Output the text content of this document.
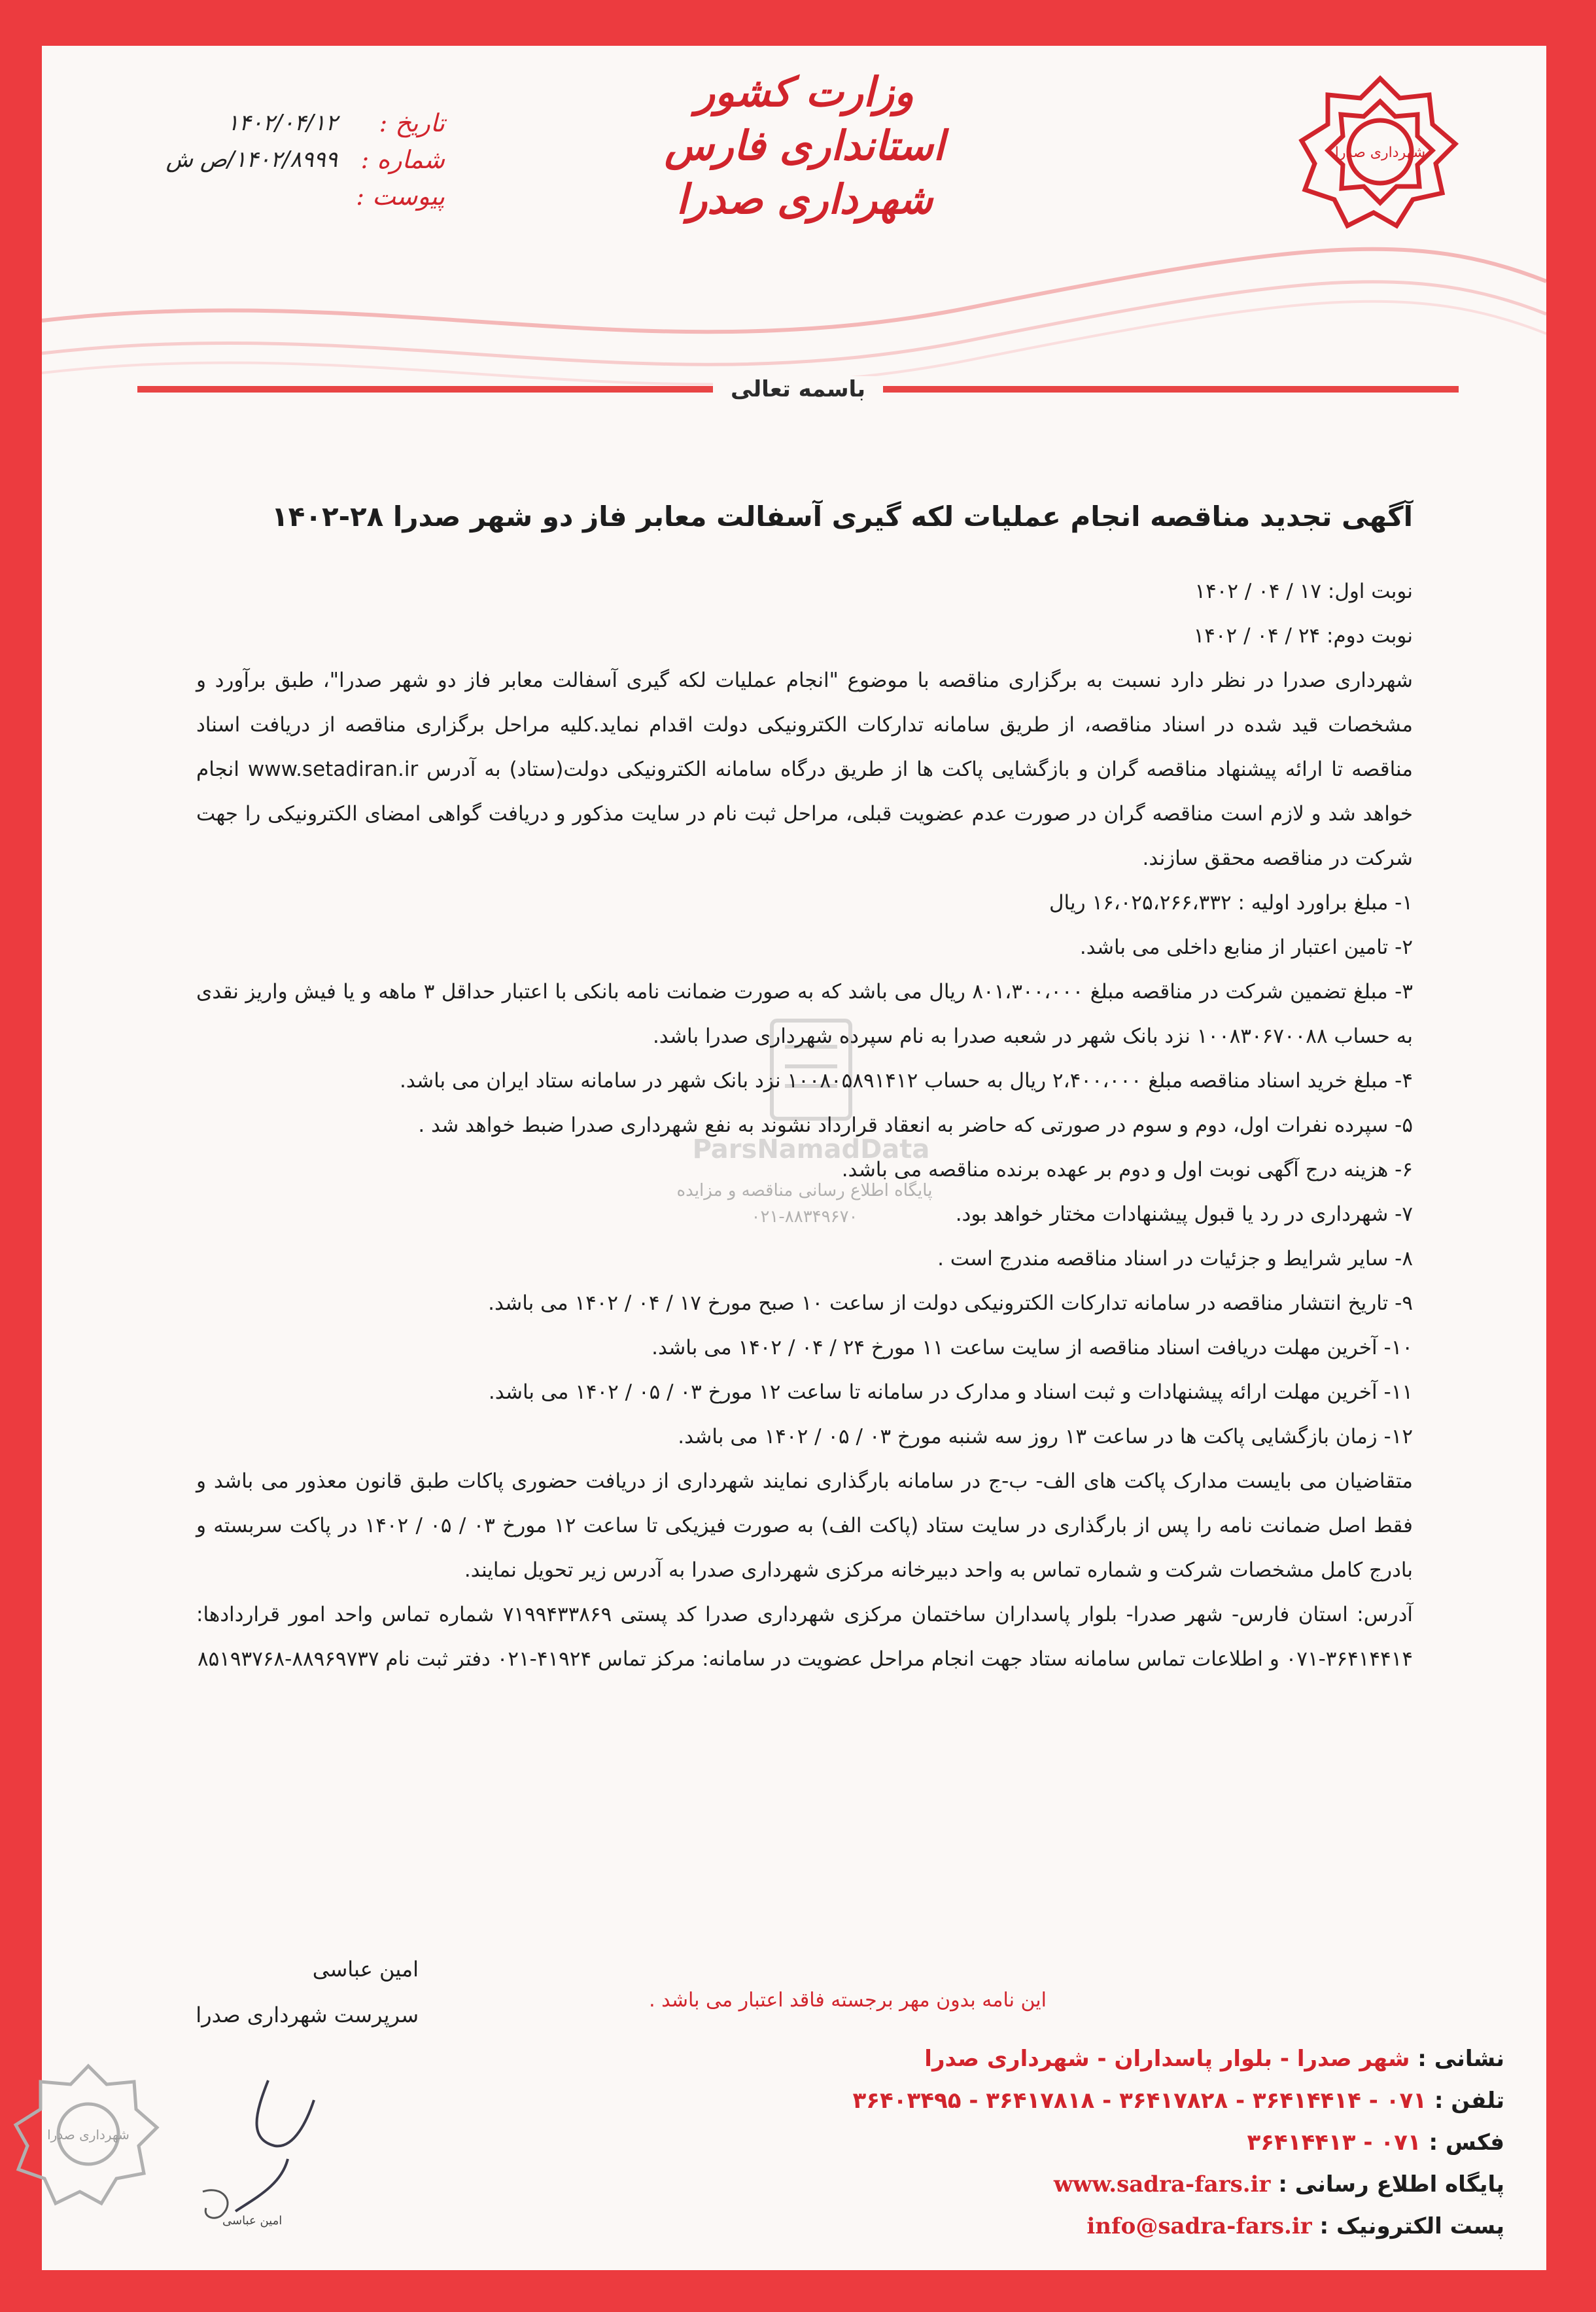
وزارت کشور
استانداری فارس
شهرداری صدرا
تاریخ :
۱۴۰۲/۰۴/۱۲
شماره :
۱۴۰۲/۸۹۹۹/ص ش
پیوست :
شهرداری صدرا
باسمه تعالی
ParsNamadData
پایگاه اطلاع رسانی مناقصه و مزایده
۰۲۱-۸۸۳۴۹۶۷۰

آگهی تجدید مناقصه انجام عملیات لکه گیری آسفالت معابر فاز دو شهر صدرا ۲۸-۱۴۰۲

نوبت اول: ۱۷ / ۰۴ / ۱۴۰۲

نوبت دوم: ۲۴ / ۰۴ / ۱۴۰۲

شهرداری صدرا در نظر دارد نسبت به برگزاری مناقصه با موضوع "انجام عملیات لکه گیری آسفالت معابر فاز دو شهر صدرا"، طبق برآورد و مشخصات قید شده در اسناد مناقصه، از طریق سامانه تدارکات الکترونیکی دولت اقدام نماید.کلیه مراحل برگزاری مناقصه از دریافت اسناد مناقصه تا ارائه پیشنهاد مناقصه گران و بازگشایی پاکت ها از طریق درگاه سامانه الکترونیکی دولت(ستاد) به آدرس www.setadiran.ir انجام خواهد شد و لازم است مناقصه گران در صورت عدم عضویت قبلی، مراحل ثبت نام در سایت مذکور و دریافت گواهی امضای الکترونیکی را جهت شرکت در مناقصه محقق سازند.

۱- مبلغ براورد اولیه : ۱۶،۰۲۵،۲۶۶،۳۳۲ ریال

۲- تامین اعتبار از منابع داخلی می باشد.

۳- مبلغ تضمین شرکت در مناقصه مبلغ ۸۰۱،۳۰۰،۰۰۰ ریال می باشد که به صورت ضمانت نامه بانکی با اعتبار حداقل ۳ ماهه و یا فیش واریز نقدی به حساب ۱۰۰۸۳۰۶۷۰۰۸۸ نزد بانک شهر در شعبه صدرا به نام سپرده شهرداری صدرا باشد.

۴- مبلغ خرید اسناد مناقصه مبلغ ۲،۴۰۰،۰۰۰ ریال به حساب ۱۰۰۸۰۵۸۹۱۴۱۲ نزد بانک شهر در سامانه ستاد ایران می باشد.

۵- سپرده نفرات اول، دوم و سوم در صورتی که حاضر به انعقاد قرارداد نشوند به نفع شهرداری صدرا ضبط خواهد شد .

۶- هزینه درج آگهی نوبت اول و دوم بر عهده برنده مناقصه می باشد.

۷- شهرداری در رد یا قبول پیشنهادات مختار خواهد بود.

۸- سایر شرایط و جزئیات در اسناد مناقصه مندرج است .

۹- تاریخ انتشار مناقصه در سامانه تدارکات الکترونیکی دولت از ساعت ۱۰ صبح مورخ ۱۷ / ۰۴ / ۱۴۰۲ می باشد.

۱۰- آخرین مهلت دریافت اسناد مناقصه از سایت ساعت ۱۱ مورخ ۲۴ / ۰۴ / ۱۴۰۲ می باشد.

۱۱- آخرین مهلت ارائه پیشنهادات و ثبت اسناد و مدارک در سامانه تا ساعت ۱۲ مورخ ۰۳ / ۰۵ / ۱۴۰۲ می باشد.

۱۲- زمان بازگشایی پاکت ها در ساعت ۱۳ روز سه شنبه مورخ ۰۳ / ۰۵ / ۱۴۰۲ می باشد.

متقاضیان می بایست مدارک پاکت های الف- ب-ج در سامانه بارگذاری نمایند شهرداری از دریافت حضوری پاکات طبق قانون معذور می باشد و فقط اصل ضمانت نامه را پس از بارگذاری در سایت ستاد (پاکت الف) به صورت فیزیکی تا ساعت ۱۲ مورخ ۰۳ / ۰۵ / ۱۴۰۲ در پاکت سربسته و بادرج کامل مشخصات شرکت و شماره تماس به واحد دبیرخانه مرکزی شهرداری صدرا به آدرس زیر تحویل نمایند.

آدرس: استان فارس- شهر صدرا- بلوار پاسداران ساختمان مرکزی شهرداری صدرا کد پستی ۷۱۹۹۴۳۳۸۶۹ شماره تماس واحد امور قراردادها: ۳۶۴۱۴۴۱۴-۰۷۱ و اطلاعات تماس سامانه ستاد جهت انجام مراحل عضویت در سامانه: مرکز تماس ۴۱۹۲۴-۰۲۱ دفتر ثبت نام ۸۸۹۶۹۷۳۷-۸۵۱۹۳۷۶۸

امین عباسی
سرپرست شهرداری صدرا
این نامه بدون مهر برجسته فاقد اعتبار می باشد .
شهرداری صدرا
امین عباسی
نشانی : شهر صدرا - بلوار پاسداران - شهرداری صدرا
تلفن : ۰۷۱ - ۳۶۴۱۴۴۱۴ - ۳۶۴۱۷۸۲۸ - ۳۶۴۱۷۸۱۸ - ۳۶۴۰۳۴۹۵
فکس : ۰۷۱ - ۳۶۴۱۴۴۱۳
پایگاه اطلاع رسانی : www.sadra-fars.ir
پست الکترونیک : info@sadra-fars.ir
